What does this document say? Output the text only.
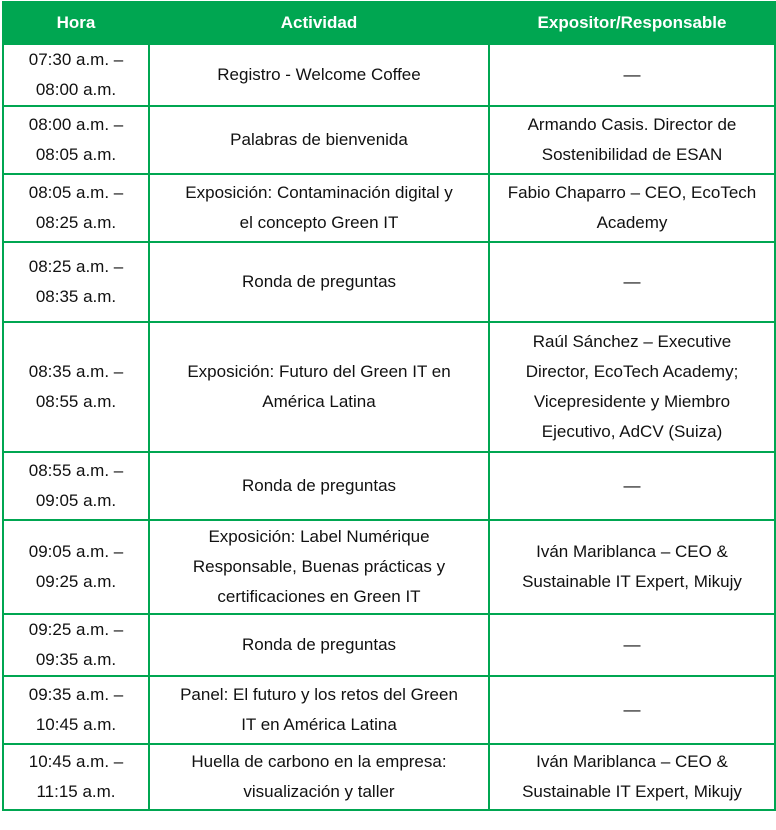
Hora	Actividad	Expositor/Responsable

07:30 a.m. –
08:00 a.m.	Registro - Welcome Coffee	—

08:00 a.m. –
08:05 a.m.	Palabras de bienvenida	Armando Casis. Director de
Sostenibilidad de ESAN

08:05 a.m. –
08:25 a.m.	Exposición: Contaminación digital y
el concepto Green IT	Fabio Chaparro – CEO, EcoTech
Academy

08:25 a.m. –
08:35 a.m.	Ronda de preguntas	—

08:35 a.m. –
08:55 a.m.	Exposición: Futuro del Green IT en
América Latina	Raúl Sánchez – Executive
Director, EcoTech Academy;
Vicepresidente y Miembro
Ejecutivo, AdCV (Suiza)

08:55 a.m. –
09:05 a.m.	Ronda de preguntas	—

09:05 a.m. –
09:25 a.m.	Exposición: Label Numérique
Responsable, Buenas prácticas y
certificaciones en Green IT	Iván Mariblanca – CEO &
Sustainable IT Expert, Mikujy

09:25 a.m. –
09:35 a.m.	Ronda de preguntas	—

09:35 a.m. –
10:45 a.m.	Panel: El futuro y los retos del Green
IT en América Latina	—

10:45 a.m. –
11:15 a.m.	Huella de carbono en la empresa:
visualización y taller	Iván Mariblanca – CEO &
Sustainable IT Expert, Mikujy
